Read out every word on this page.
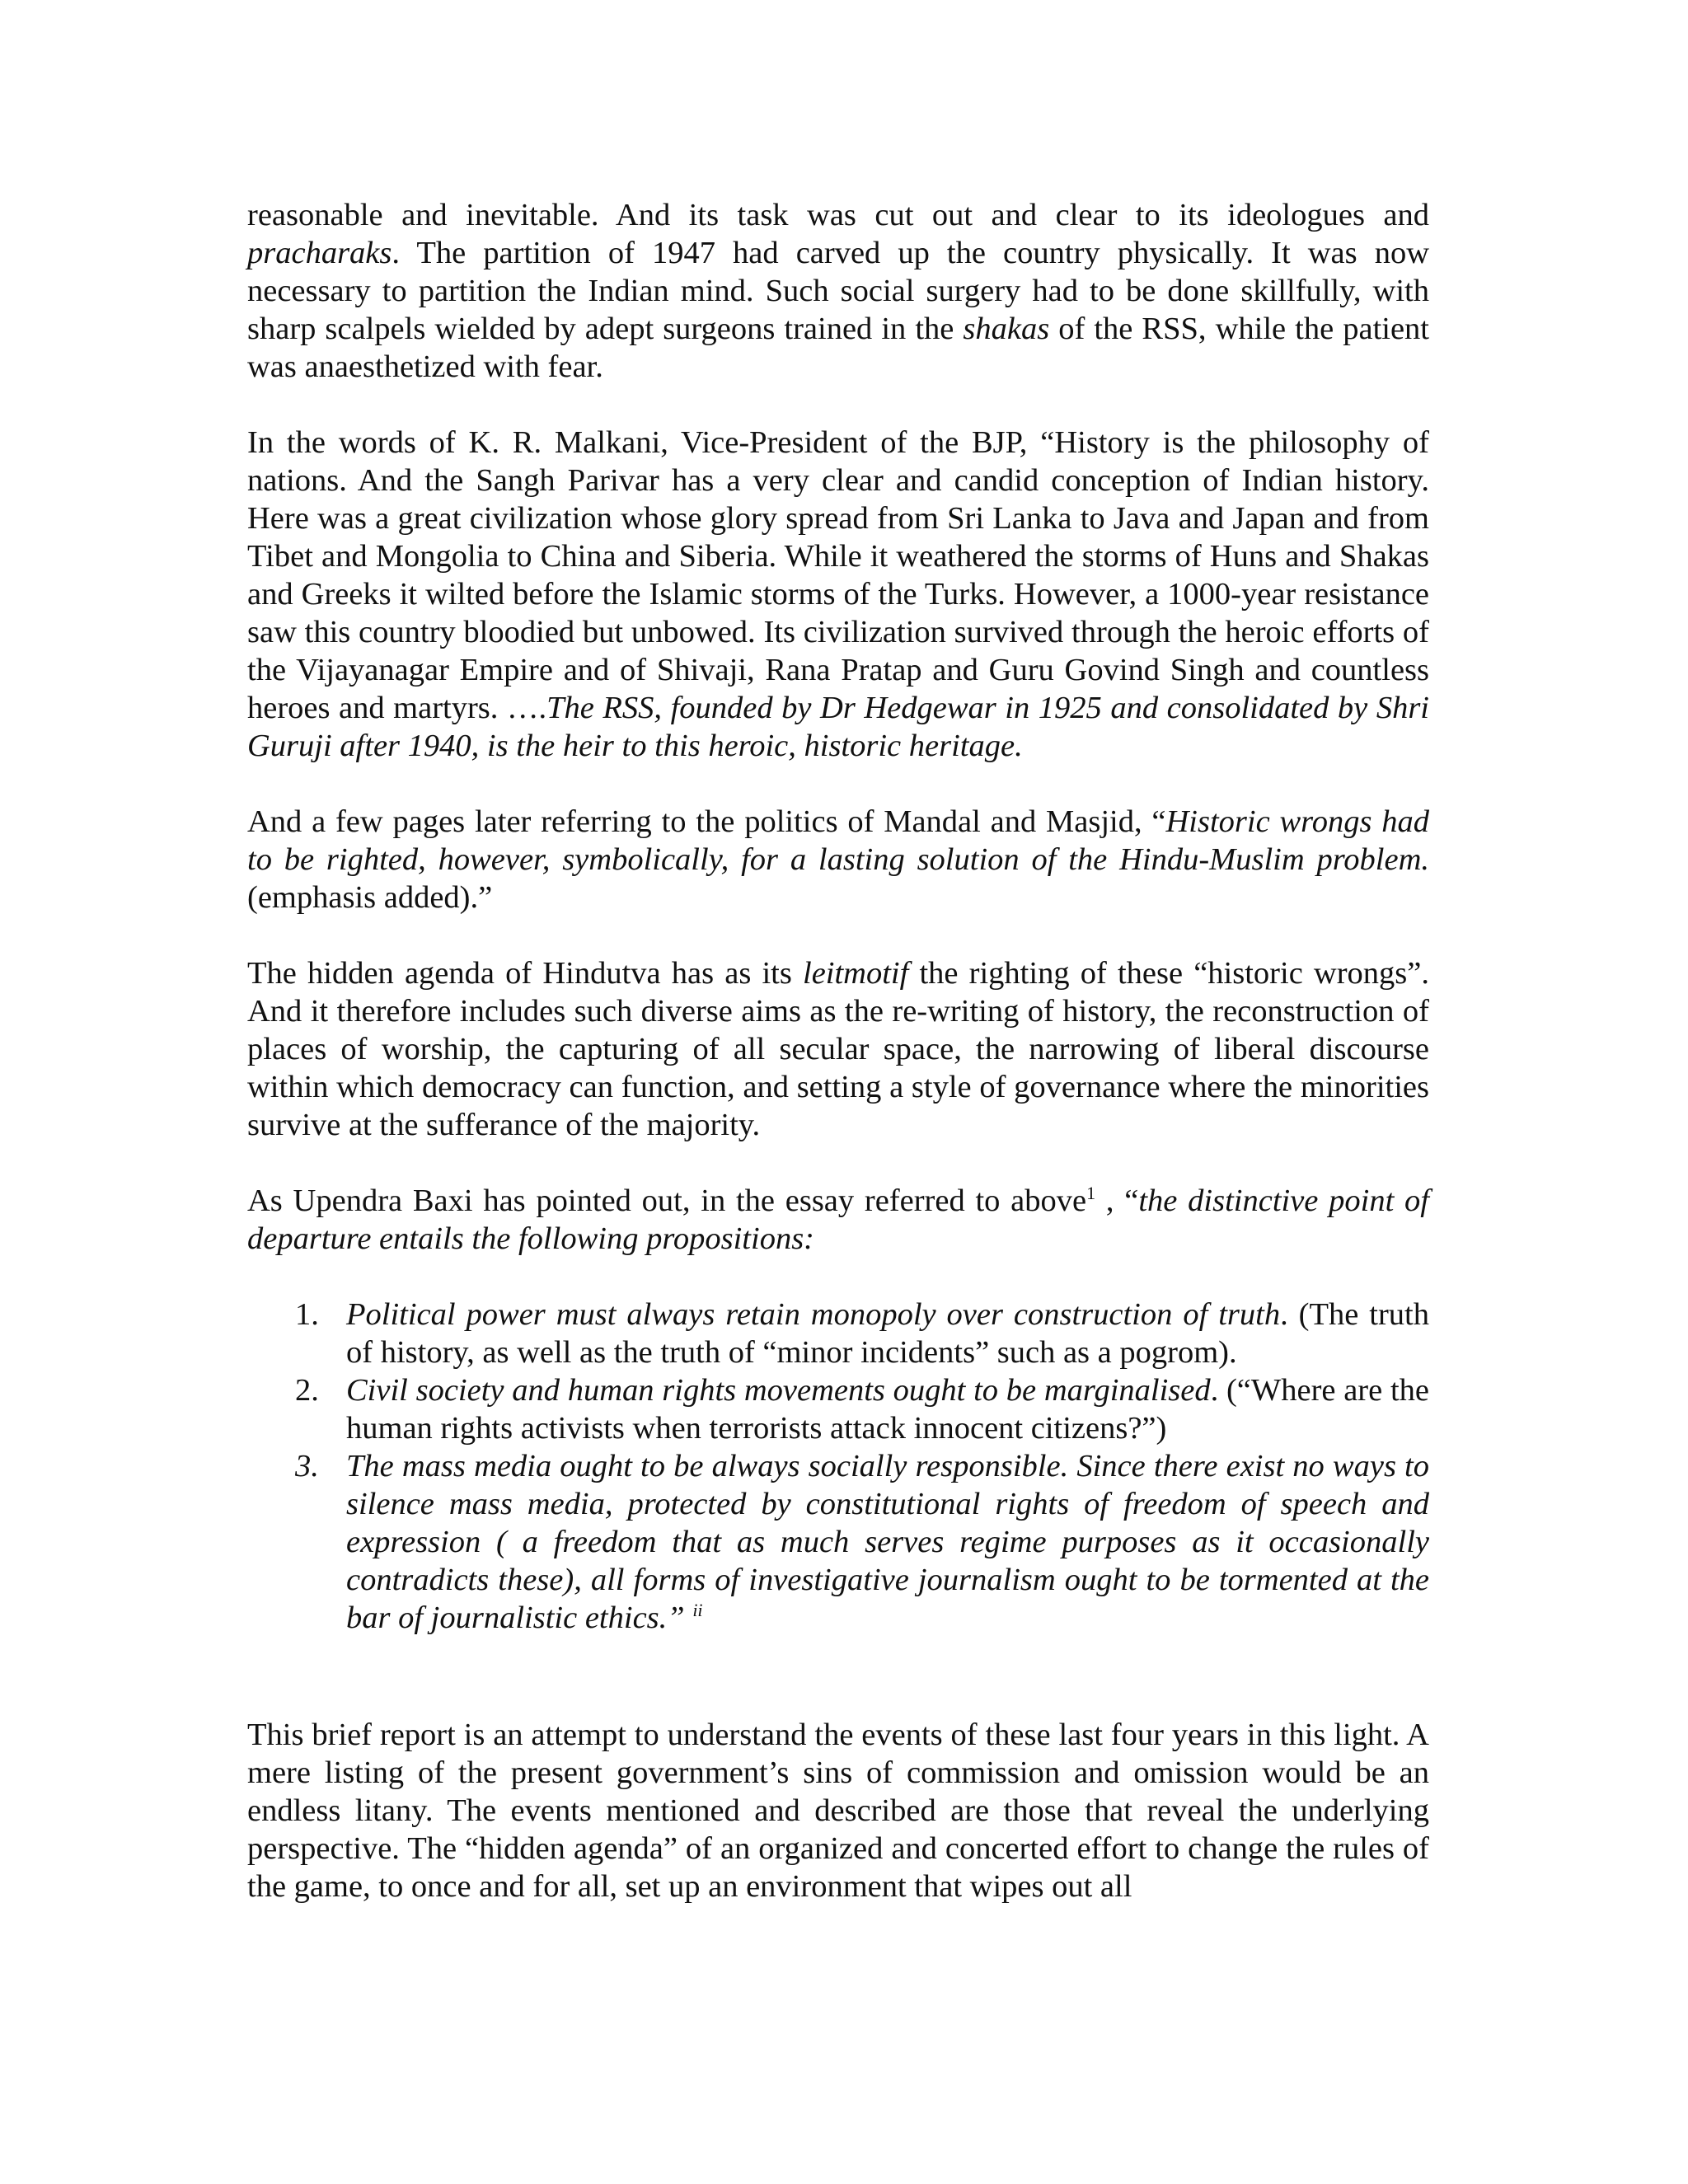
reasonable and inevitable. And its task was cut out and clear to its ideologues and pracharaks. The partition of 1947 had carved up the country physically. It was now necessary to partition the Indian mind. Such social surgery had to be done skillfully, with sharp scalpels wielded by adept surgeons trained in the shakas of the RSS, while the patient was anaesthetized with fear.

In the words of K. R. Malkani, Vice-President of the BJP, “History is the philosophy of nations. And the Sangh Parivar has a very clear and candid conception of Indian history. Here was a great civilization whose glory spread from Sri Lanka to Java and Japan and from Tibet and Mongolia to China and Siberia. While it weathered the storms of Huns and Shakas and Greeks it wilted before the Islamic storms of the Turks. However, a 1000-year resistance saw this country bloodied but unbowed. Its civilization survived through the heroic efforts of the Vijayanagar Empire and of Shivaji, Rana Pratap and Guru Govind Singh and countless heroes and martyrs. ….The RSS, founded by Dr Hedgewar in 1925 and consolidated by Shri Guruji after 1940, is the heir to this heroic, historic heritage.

And a few pages later referring to the politics of Mandal and Masjid, “Historic wrongs had to be righted, however, symbolically, for a lasting solution of the Hindu-Muslim problem.(emphasis added).”

The hidden agenda of Hindutva has as its leitmotif the righting of these “historic wrongs”. And it therefore includes such diverse aims as the re-writing of history, the reconstruction of places of worship, the capturing of all secular space, the narrowing of liberal discourse within which democracy can function, and setting a style of governance where the minorities survive at the sufferance of the majority.

As Upendra Baxi has pointed out, in the essay referred to above$^1$ , “the distinctive point of departure entails the following propositions:

1. Political power must always retain monopoly over construction of truth. (The truth of history, as well as the truth of “minor incidents” such as a pogrom).
2. Civil society and human rights movements ought to be marginalised. (“Where are the human rights activists when terrorists attack innocent citizens?”)
3. The mass media ought to be always socially responsible. Since there exist no ways to silence mass media, protected by constitutional rights of freedom of speech and expression ( a freedom that as much serves regime purposes as it occasionally contradicts these), all forms of investigative journalism ought to be tormented at the bar of journalistic ethics.” $^{ii}$

This brief report is an attempt to understand the events of these last four years in this light. A mere listing of the present government’s sins of commission and omission would be an endless litany. The events mentioned and described are those that reveal the underlying perspective. The “hidden agenda” of an organized and concerted effort to change the rules of the game, to once and for all, set up an environment that wipes out all
